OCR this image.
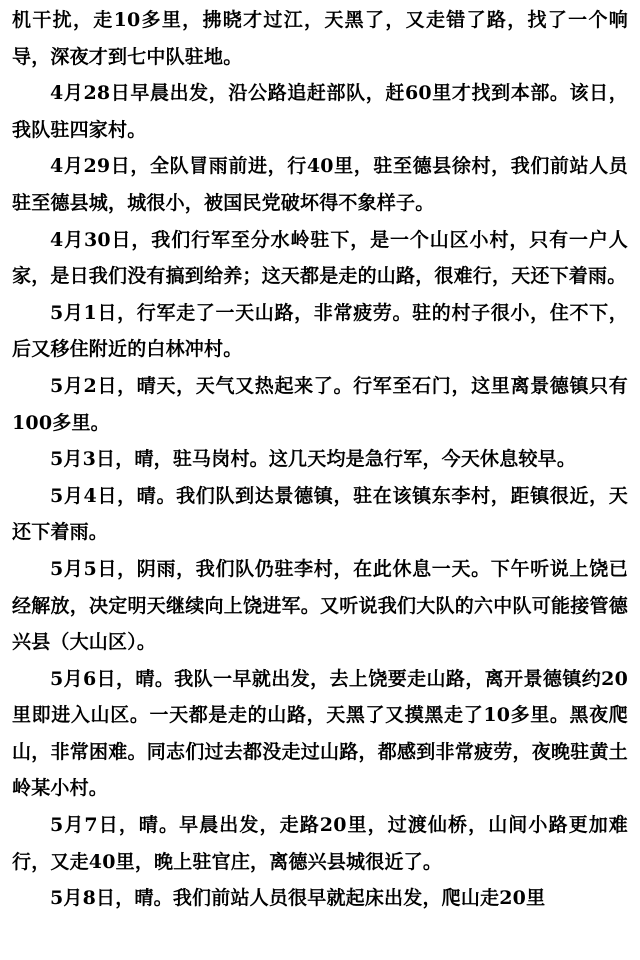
机干扰，走10多里，拂晓才过江，天黑了，又走错了路，找了一个响导，深夜才到七中队驻地。

4月28日早晨出发，沿公路追赶部队，赶60里才找到本部。该日，我队驻四家村。

4月29日，全队冒雨前进，行40里，驻至德县徐村，我们前站人员驻至德县城，城很小，被国民党破坏得不象样子。

4月30日，我们行军至分水岭驻下，是一个山区小村，只有一户人家，是日我们没有搞到给养；这天都是走的山路，很难行，天还下着雨。

5月1日，行军走了一天山路，非常疲劳。驻的村子很小，住不下，后又移住附近的白林冲村。

5月2日，晴天，天气又热起来了。行军至石门，这里离景德镇只有100多里。

5月3日，晴，驻马岗村。这几天均是急行军，今天休息较早。

5月4日，晴。我们队到达景德镇，驻在该镇东李村，距镇很近，天还下着雨。

5月5日，阴雨，我们队仍驻李村，在此休息一天。下午听说上饶已经解放，决定明天继续向上饶进军。又听说我们大队的六中队可能接管德兴县（大山区）。

5月6日，晴。我队一早就出发，去上饶要走山路，离开景德镇约20里即进入山区。一天都是走的山路，天黑了又摸黑走了10多里。黑夜爬山，非常困难。同志们过去都没走过山路，都感到非常疲劳，夜晚驻黄土岭某小村。

5月7日，晴。早晨出发，走路20里，过渡仙桥，山间小路更加难行，又走40里，晚上驻官庄，离德兴县城很近了。

5月8日，晴。我们前站人员很早就起床出发，爬山走20里
